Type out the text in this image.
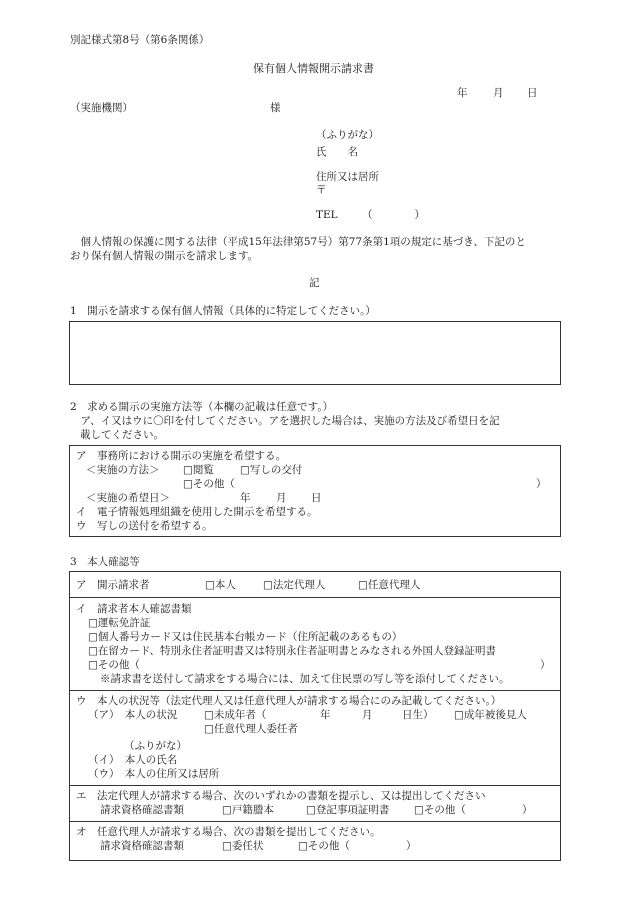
別記様式第8号（第6条関係）
保有個人情報開示請求書
年 月 日
（実施機関）	様
（ふりがな）
氏　　名
住所又は居所
〒
TEL （　　　　）
　個人情報の保護に関する法律（平成15年法律第57号）第77条第1項の規定に基づき、下記のと
おり保有個人情報の開示を請求します。
記
1　開示を請求する保有個人情報（具体的に特定してください。）
2　求める開示の実施方法等（本欄の記載は任意です。）
　ア、イ又はウに〇印を付してください。アを選択した場合は、実施の方法及び希望日を記
載してください。
ア　事務所における開示の実施を希望する。
＜実施の方法＞ □閲覧 □写しの交付
□その他（	）
＜実施の希望日＞	年 月 日
イ　電子情報処理組織を使用した開示を希望する。
ウ　写しの送付を希望する。
3　本人確認等
ア　開示請求者	□本人	□法定代理人	□任意代理人
イ　請求者本人確認書類
□運転免許証
□個人番号カード又は住民基本台帳カード（住所記載のあるもの）
□在留カード、特別永住者証明書又は特別永住者証明書とみなされる外国人登録証明書
□その他（	）
※請求書を送付して請求をする場合には、加えて住民票の写し等を添付してください。
ウ　本人の状況等（法定代理人又は任意代理人が請求する場合にのみ記載してください。）
（ア）　本人の状況	□未成年者（	年	月	日生） □成年被後見人
□任意代理人委任者
（ふりがな）
（イ）　本人の氏名
（ウ）　本人の住所又は居所
エ　法定代理人が請求する場合、次のいずれかの書類を提示し、又は提出してください
請求資格確認書類	□戸籍謄本	□登記事項証明書 □その他（	）
オ　任意代理人が請求する場合、次の書類を提出してください。
請求資格確認書類	□委任状	□その他（	）
